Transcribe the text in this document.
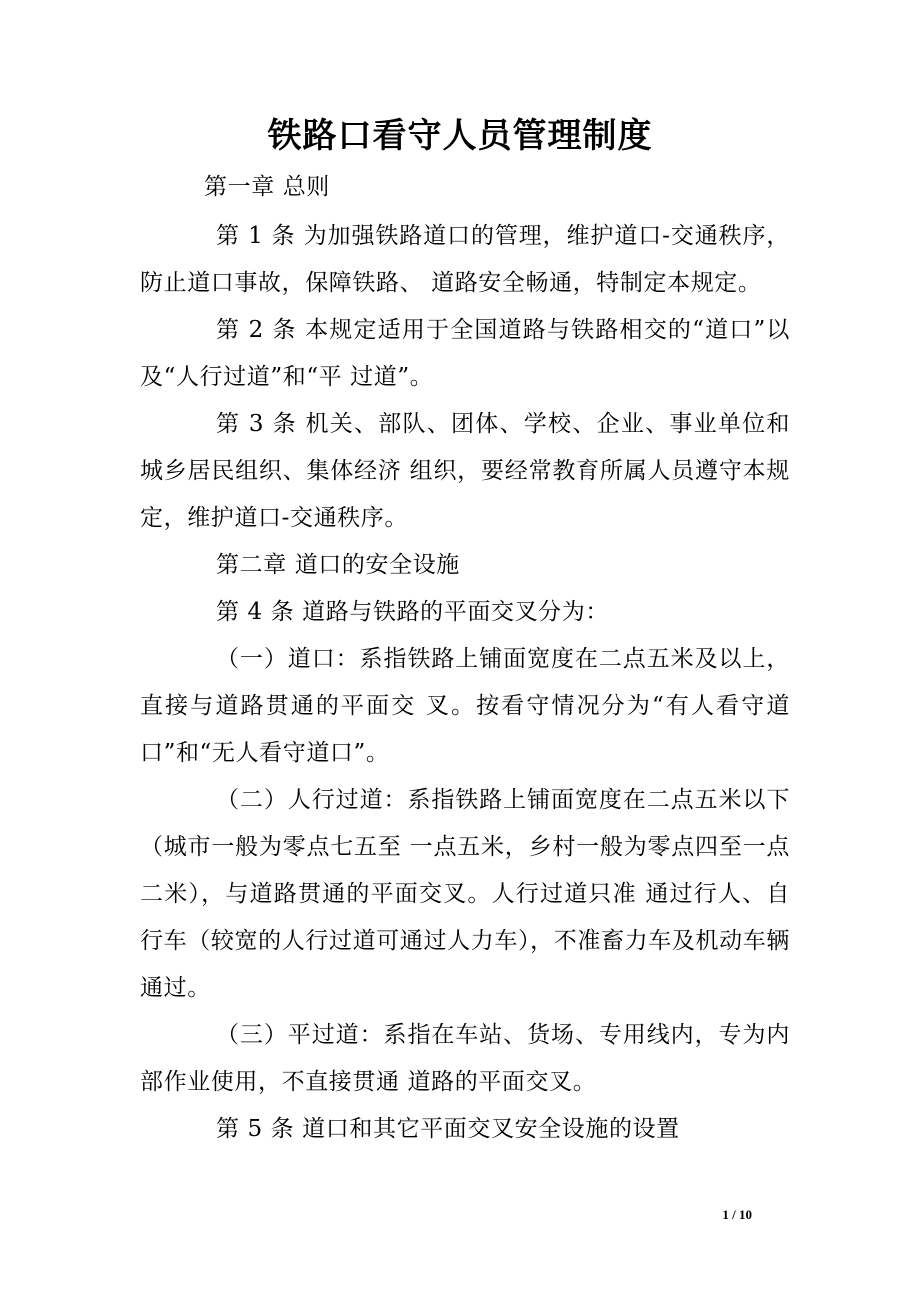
铁路口看守人员管理制度

第一章 总则

第 1 条 为加强铁路道口的管理，维护道口-交通秩序，防止道口事故，保障铁路、 道路安全畅通，特制定本规定。

第 2 条 本规定适用于全国道路与铁路相交的“道口”以及“人行过道”和“平 过道”。

第 3 条 机关、部队、团体、学校、企业、事业单位和城乡居民组织、集体经济 组织，要经常教育所属人员遵守本规定，维护道口-交通秩序。

第二章 道口的安全设施

第 4 条 道路与铁路的平面交叉分为：

（一）道口：系指铁路上铺面宽度在二点五米及以上，直接与道路贯通的平面交 叉。按看守情况分为“有人看守道口”和“无人看守道口”。

（二）人行过道：系指铁路上铺面宽度在二点五米以下（城市一般为零点七五至 一点五米，乡村一般为零点四至一点二米），与道路贯通的平面交叉。人行过道只准 通过行人、自行车（较宽的人行过道可通过人力车），不准畜力车及机动车辆通过。

（三）平过道：系指在车站、货场、专用线内，专为内部作业使用，不直接贯通 道路的平面交叉。

第 5 条 道口和其它平面交叉安全设施的设置

1 / 10
